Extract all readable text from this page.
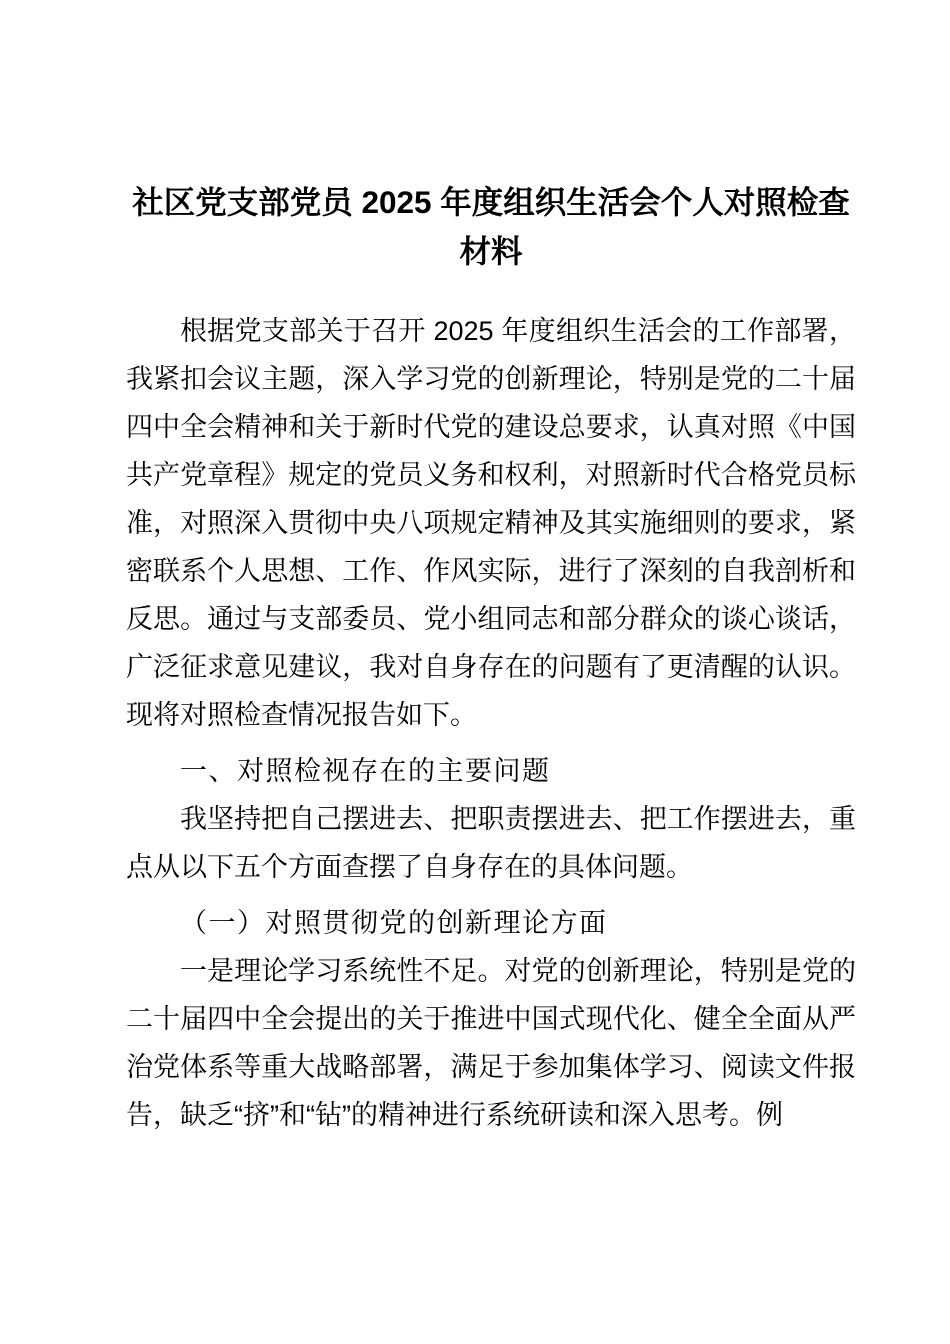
社区党支部党员 2025 年度组织生活会个人对照检查材料

根据党支部关于召开 2025 年度组织生活会的工作部署，我紧扣会议主题，深入学习党的创新理论，特别是党的二十届四中全会精神和关于新时代党的建设总要求，认真对照《中国共产党章程》规定的党员义务和权利，对照新时代合格党员标准，对照深入贯彻中央八项规定精神及其实施细则的要求，紧密联系个人思想、工作、作风实际，进行了深刻的自我剖析和反思。通过与支部委员、党小组同志和部分群众的谈心谈话，广泛征求意见建议，我对自身存在的问题有了更清醒的认识。现将对照检查情况报告如下。

一、对照检视存在的主要问题

我坚持把自己摆进去、把职责摆进去、把工作摆进去，重点从以下五个方面查摆了自身存在的具体问题。

（一）对照贯彻党的创新理论方面

一是理论学习系统性不足。对党的创新理论，特别是党的二十届四中全会提出的关于推进中国式现代化、健全全面从严治党体系等重大战略部署，满足于参加集体学习、阅读文件报告，缺乏“挤”和“钻”的精神进行系统研读和深入思考。例
